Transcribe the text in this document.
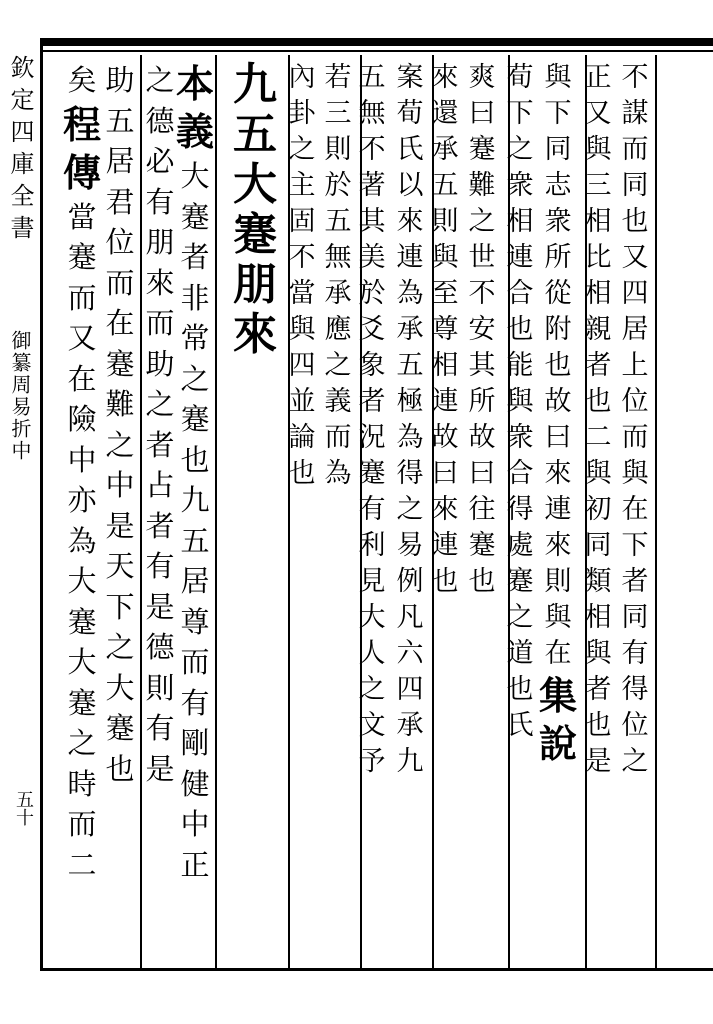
欽定四庫全書
御纂周易折中
五十
不
謀
而
同
也
又
四
居
上
位
而
與
在
下
者
同
有
得
位
之
正
又
與
三
相
比
相
親
者
也
二
與
初
同
類
相
與
者
也
是
與
下
同
志
衆
所
從
附
也
故
曰
來
連
來
則
與
在
集
說
荀
下
之
衆
相
連
合
也
能
與
衆
合
得
處
蹇
之
道
也
氏
爽
曰
蹇
難
之
世
不
安
其
所
故
曰
往
蹇
也
來
還
承
五
則
與
至
尊
相
連
故
曰
來
連
也
案
荀
氏
以
來
連
為
承
五
極
為
得
之
易
例
凡
六
四
承
九
五
無
不
著
其
美
於
爻
象
者
況
蹇
有
利
見
大
人
之
文
予
若
三
則
於
五
無
承
應
之
義
而
為
內
卦
之
主
固
不
當
與
四
並
論
也
九
五
大
蹇
朋
來
本
義
大
蹇
者
非
常
之
蹇
也
九
五
居
尊
而
有
剛
健
中
正
之
德
必
有
朋
來
而
助
之
者
占
者
有
是
德
則
有
是
助
五
居
君
位
而
在
蹇
難
之
中
是
天
下
之
大
蹇
也
矣
程
傳
當
蹇
而
又
在
險
中
亦
為
大
蹇
大
蹇
之
時
而
二
